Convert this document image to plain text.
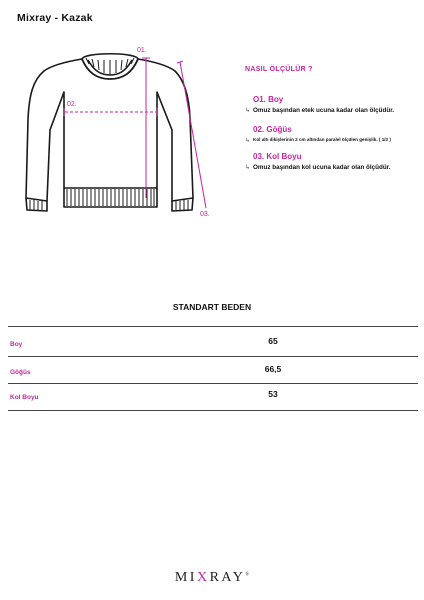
Mixray - Kazak
01.
02.
03.
NASIL ÖLÇÜLÜR ?
O1. Boy
↳ Omuz başından etek ucuna kadar olan ölçüdür.
02. Göğüs
↳ Kol altı dikişlerinin 2 cm altından paralel ölçülen genişlik. ( 1/2 )
03. Kol Boyu
↳ Omuz başından kol ucuna kadar olan ölçüdür.
STANDART BEDEN
Boy	65
Göğüs	66,5
Kol Boyu	53
MIXRAY®
